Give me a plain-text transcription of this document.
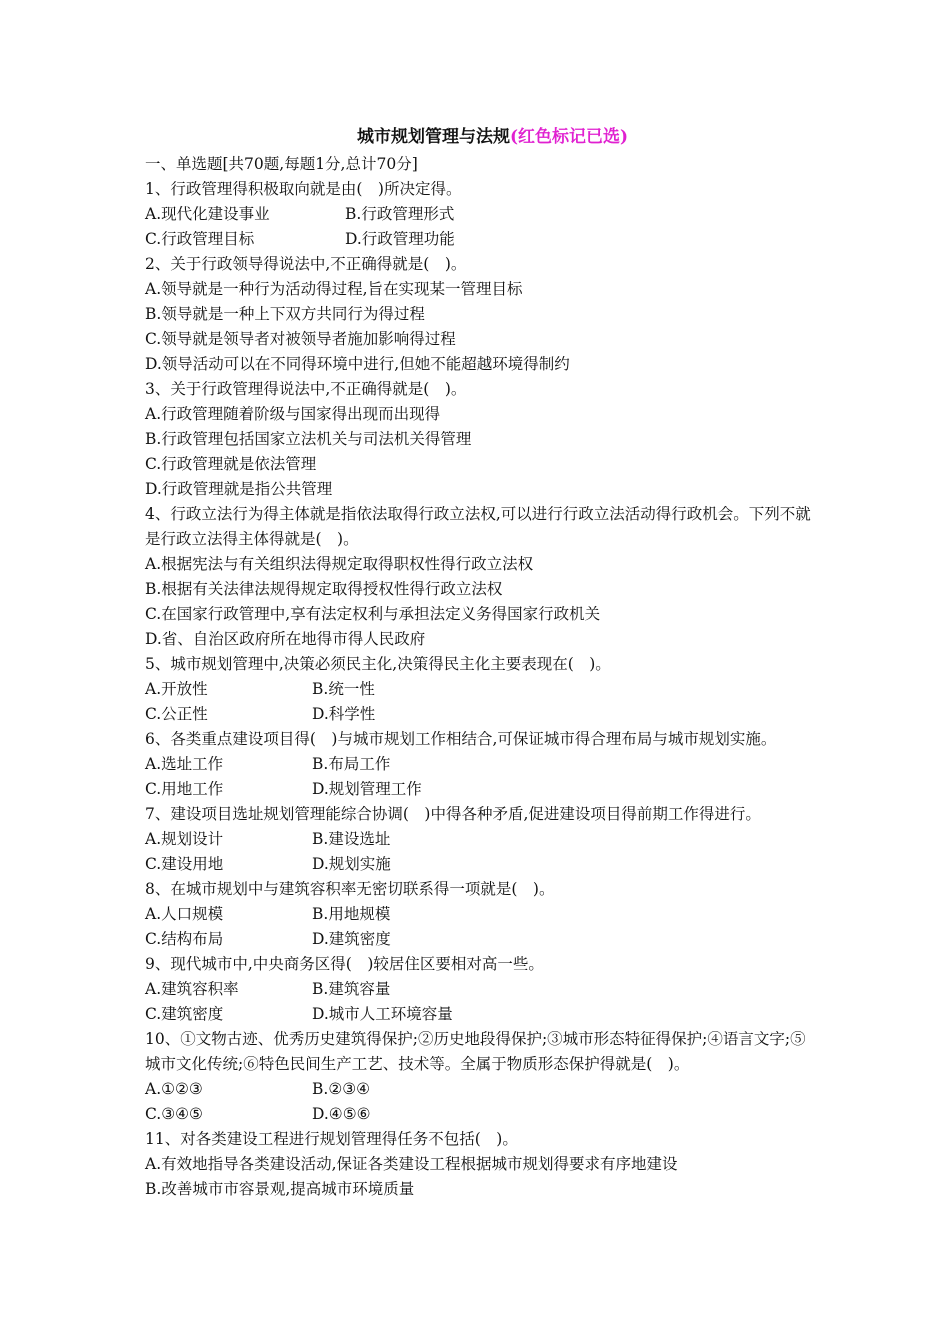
城市规划管理与法规(红色标记已选)
一、单选题[共70题,每题1分,总计70分]
1、行政管理得积极取向就是由(　)所决定得。
A.现代化建设事业	B.行政管理形式
C.行政管理目标	D.行政管理功能
2、关于行政领导得说法中,不正确得就是(　)。
A.领导就是一种行为活动得过程,旨在实现某一管理目标
B.领导就是一种上下双方共同行为得过程
C.领导就是领导者对被领导者施加影响得过程
D.领导活动可以在不同得环境中进行,但她不能超越环境得制约
3、关于行政管理得说法中,不正确得就是(　)。
A.行政管理随着阶级与国家得出现而出现得
B.行政管理包括国家立法机关与司法机关得管理
C.行政管理就是依法管理
D.行政管理就是指公共管理
4、行政立法行为得主体就是指依法取得行政立法权,可以进行行政立法活动得行政机会。下列不就是行政立法得主体得就是(　)。
A.根据宪法与有关组织法得规定取得职权性得行政立法权
B.根据有关法律法规得规定取得授权性得行政立法权
C.在国家行政管理中,享有法定权利与承担法定义务得国家行政机关
D.省、自治区政府所在地得市得人民政府
5、城市规划管理中,决策必须民主化,决策得民主化主要表现在(　)。
A.开放性	B.统一性
C.公正性	D.科学性
6、各类重点建设项目得(　)与城市规划工作相结合,可保证城市得合理布局与城市规划实施。
A.选址工作	B.布局工作
C.用地工作	D.规划管理工作
7、建设项目选址规划管理能综合协调(　)中得各种矛盾,促进建设项目得前期工作得进行。
A.规划设计	B.建设选址
C.建设用地	D.规划实施
8、在城市规划中与建筑容积率无密切联系得一项就是(　)。
A.人口规模	B.用地规模
C.结构布局	D.建筑密度
9、现代城市中,中央商务区得(　)较居住区要相对高一些。
A.建筑容积率	B.建筑容量
C.建筑密度	D.城市人工环境容量
10、①文物古迹、优秀历史建筑得保护;②历史地段得保护;③城市形态特征得保护;④语言文字;⑤城市文化传统;⑥特色民间生产工艺、技术等。全属于物质形态保护得就是(　)。
A.①②③	B.②③④
C.③④⑤	D.④⑤⑥
11、对各类建设工程进行规划管理得任务不包括(　)。
A.有效地指导各类建设活动,保证各类建设工程根据城市规划得要求有序地建设
B.改善城市市容景观,提高城市环境质量
